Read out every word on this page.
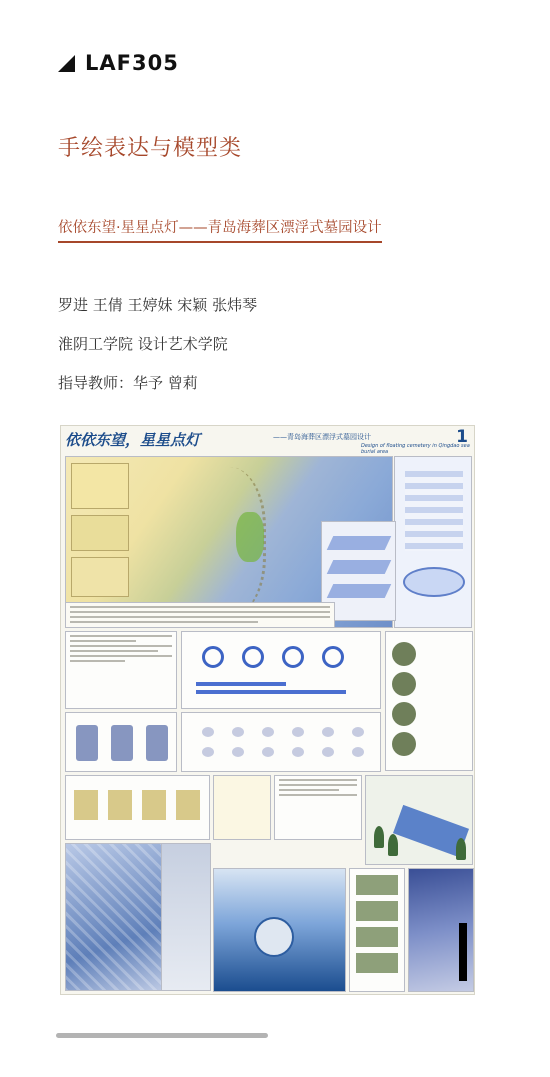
LAF305
手绘表达与模型类
依依东望·星星点灯——青岛海葬区漂浮式墓园设计
罗进 王倩 王婷妹 宋颖 张炜琴
淮阴工学院 设计艺术学院
指导教师：华予 曾莉
依依东望，星星点灯	——青岛海葬区漂浮式墓园设计
Design of floating cemetery in Qingdao sea burial area
1
